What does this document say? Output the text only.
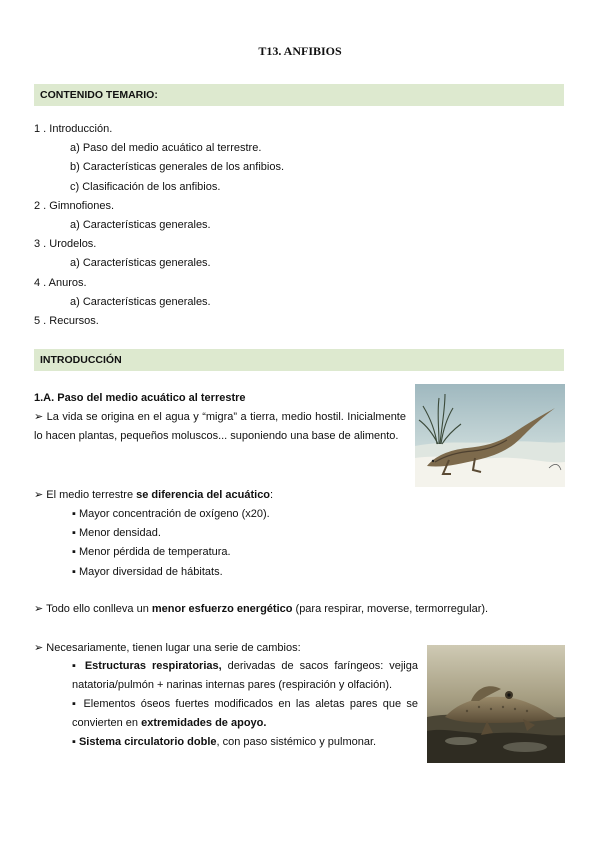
T13. ANFIBIOS
CONTENIDO TEMARIO:
1 . Introducción.
a) Paso del medio acuático al terrestre.
b) Características generales de los anfibios.
c) Clasificación de los anfibios.
2 . Gimnofiones.
a) Características generales.
3 . Urodelos.
a) Características generales.
4 . Anuros.
a) Características generales.
5 . Recursos.
INTRODUCCIÓN
1.A. Paso del medio acuático al terrestre
➢ La vida se origina en el agua y “migra” a tierra, medio hostil. Inicialmente lo hacen plantas, pequeños moluscos... suponiendo una base de alimento.
➢ El medio terrestre se diferencia del acuático:
▪ Mayor concentración de oxígeno (x20).
▪ Menor densidad.
▪ Menor pérdida de temperatura.
▪ Mayor diversidad de hábitats.
➢ Todo ello conlleva un menor esfuerzo energético (para respirar, moverse, termorregular).
➢ Necesariamente, tienen lugar una serie de cambios:
▪ Estructuras respiratorias, derivadas de sacos faríngeos: vejiga natatoria/pulmón + narinas internas pares (respiración y olfación).
▪ Elementos óseos fuertes modificados en las aletas pares que se convierten en extremidades de apoyo.
▪ Sistema circulatorio doble, con paso sistémico y pulmonar.
